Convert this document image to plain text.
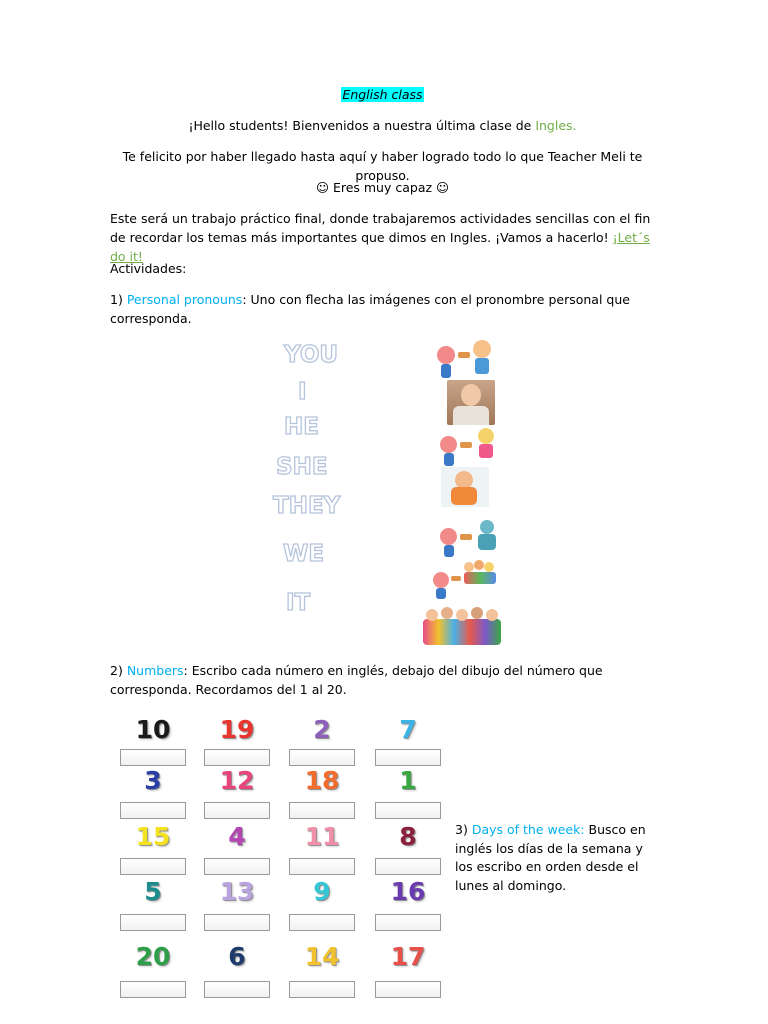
English class
¡Hello students! Bienvenidos a nuestra última clase de Ingles.
Te felicito por haber llegado hasta aquí y haber logrado todo lo que Teacher Meli te propuso.
☺ Eres muy capaz ☺
Este será un trabajo práctico final, donde trabajaremos actividades sencillas con el fin de recordar los temas más importantes que dimos en Ingles. ¡Vamos a hacerlo! ¡Let´s do it!
Actividades:
1) Personal pronouns: Uno con flecha las imágenes con el pronombre personal que corresponda.
YOU
I
HE
SHE
THEY
WE
IT
2) Numbers: Escribo cada número en inglés, debajo del dibujo del número que corresponda. Recordamos del 1 al 20.
10	19	2	7
3	12	18	1
15	4	11	8
5	13	9	16
20	6	14	17
3) Days of the week: Busco en inglés los días de la semana y los escribo en orden desde el lunes al domingo.
